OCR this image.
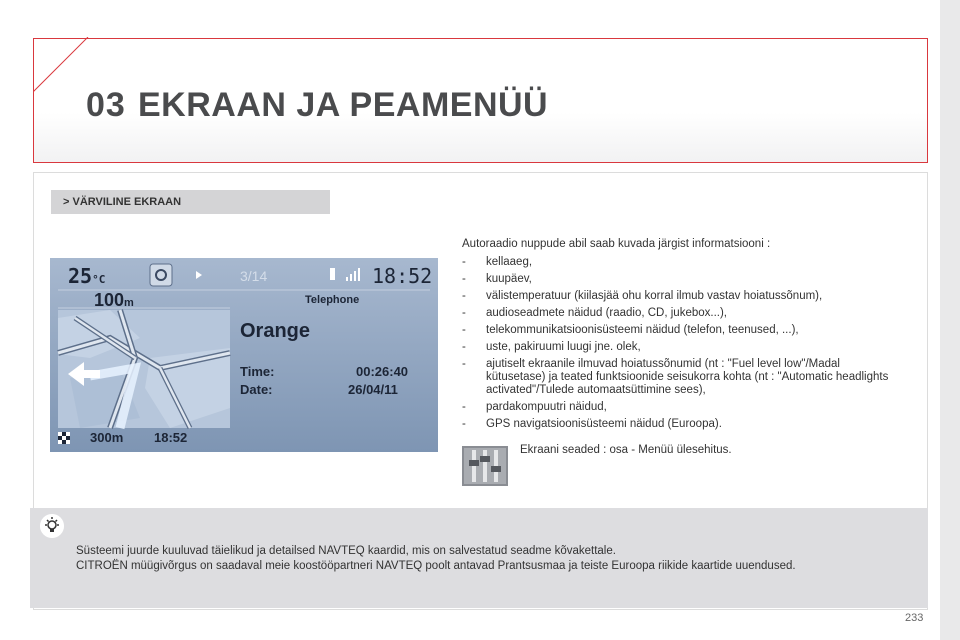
03 EKRAAN JA PEAMENÜÜ
> VÄRVILINE EKRAAN
25°C	3/14	18:52
100m	Telephone
Orange
Time:	00:26:40
Date:	26/04/11
300m 18:52
Autoraadio nuppude abil saab kuvada järgist informatsiooni :
- kellaaeg,
- kuupäev,
- välistemperatuur (kiilasjää ohu korral ilmub vastav hoiatussõnum),
- audioseadmete näidud (raadio, CD, jukebox...),
- telekommunikatsioonisüsteemi näidud (telefon, teenused, ...),
- uste, pakiruumi luugi jne. olek,
- ajutiselt ekraanile ilmuvad hoiatussõnumid (nt : "Fuel level low"/Madal kütusetase) ja teated funktsioonide seisukorra kohta (nt : "Automatic headlights activated"/Tulede automaatsüttimine sees),
- pardakompuutri näidud,
- GPS navigatsioonisüsteemi näidud (Euroopa).
Ekraani seaded : osa - Menüü ülesehitus.
Süsteemi juurde kuuluvad täielikud ja detailsed NAVTEQ kaardid, mis on salvestatud seadme kõvakettale.
CITROËN müügivõrgus on saadaval meie koostööpartneri NAVTEQ poolt antavad Prantsusmaa ja teiste Euroopa riikide kaartide uuendused.
233
